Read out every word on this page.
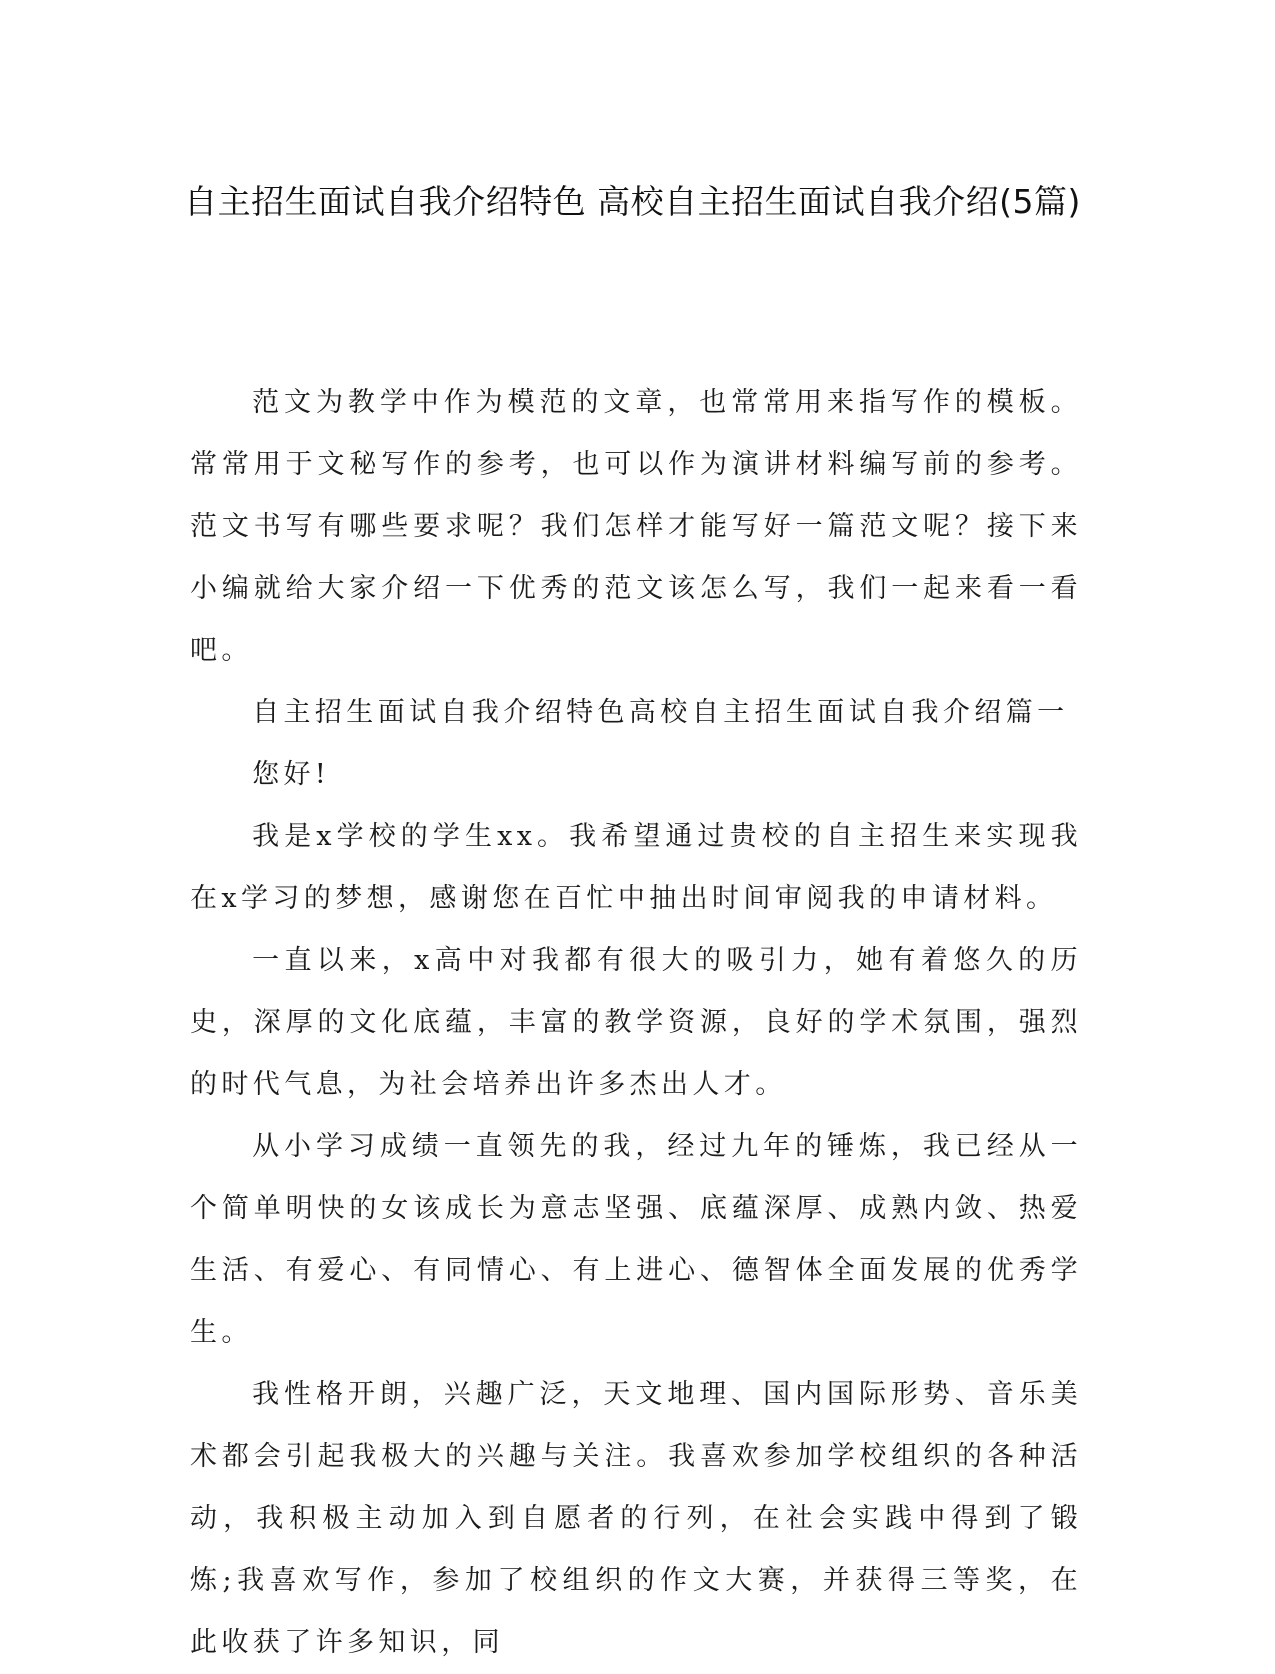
自主招生面试自我介绍特色 高校自主招生面试自我介绍(5篇)

范文为教学中作为模范的文章，也常常用来指写作的模板。常常用于文秘写作的参考，也可以作为演讲材料编写前的参考。范文书写有哪些要求呢？我们怎样才能写好一篇范文呢？接下来小编就给大家介绍一下优秀的范文该怎么写，我们一起来看一看吧。

自主招生面试自我介绍特色高校自主招生面试自我介绍篇一

您好!

我是x学校的学生xx。我希望通过贵校的自主招生来实现我在x学习的梦想，感谢您在百忙中抽出时间审阅我的申请材料。

一直以来，x高中对我都有很大的吸引力，她有着悠久的历史，深厚的文化底蕴，丰富的教学资源，良好的学术氛围，强烈的时代气息，为社会培养出许多杰出人才。

从小学习成绩一直领先的我，经过九年的锤炼，我已经从一个简单明快的女该成长为意志坚强、底蕴深厚、成熟内敛、热爱生活、有爱心、有同情心、有上进心、德智体全面发展的优秀学生。

我性格开朗，兴趣广泛，天文地理、国内国际形势、音乐美术都会引起我极大的兴趣与关注。我喜欢参加学校组织的各种活动，我积极主动加入到自愿者的行列，在社会实践中得到了锻炼;我喜欢写作，参加了校组织的作文大赛，并获得三等奖，在此收获了许多知识，同
